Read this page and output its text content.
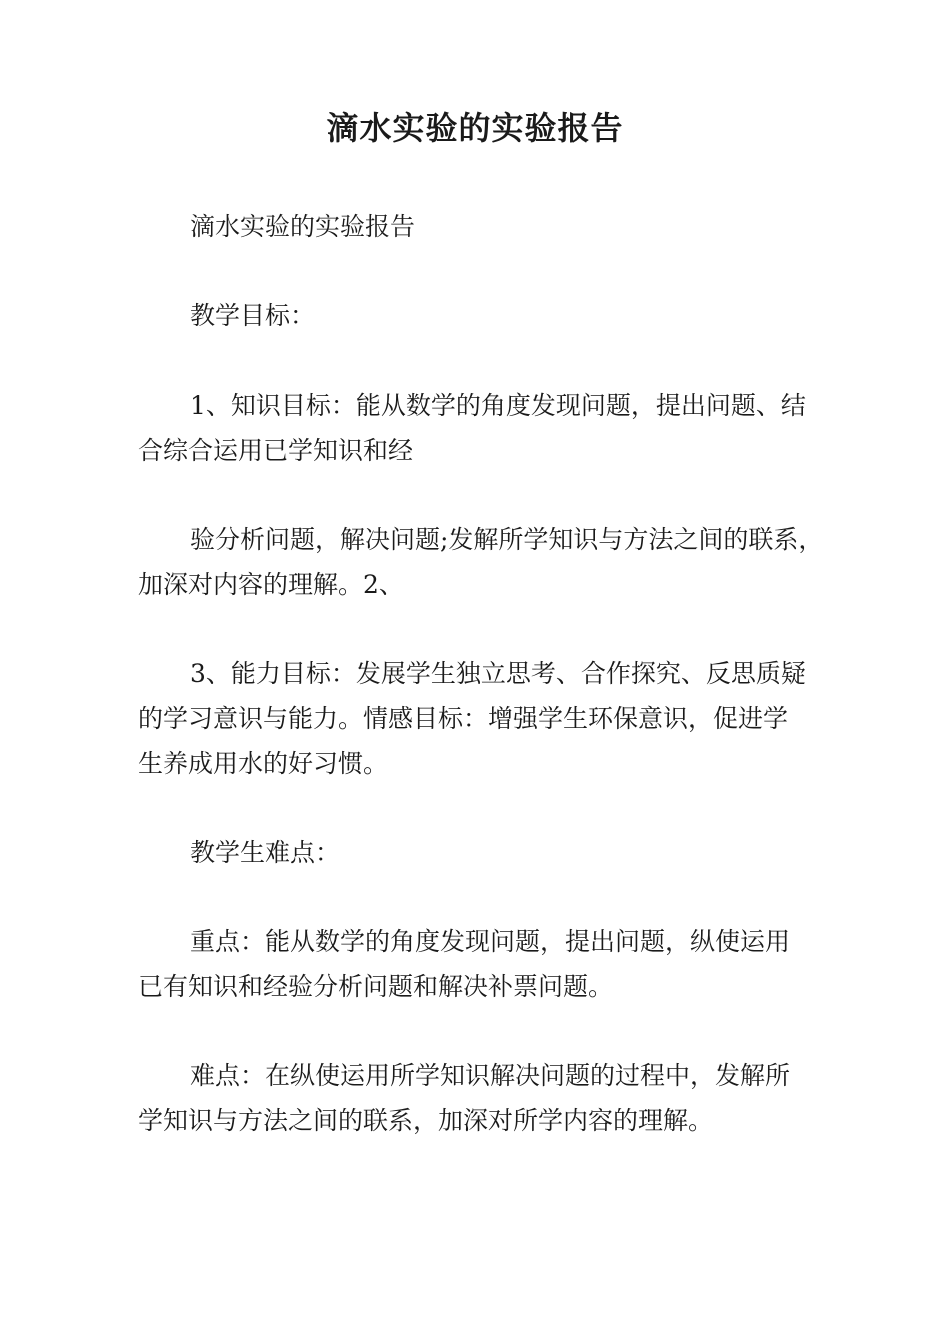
滴水实验的实验报告
滴水实验的实验报告
教学目标：
1、知识目标：能从数学的角度发现问题，提出问题、结
合综合运用已学知识和经
验分析问题，解决问题;发解所学知识与方法之间的联系，
加深对内容的理解。2、
3、能力目标：发展学生独立思考、合作探究、反思质疑
的学习意识与能力。情感目标：增强学生环保意识，促进学
生养成用水的好习惯。
教学生难点：
重点：能从数学的角度发现问题，提出问题，纵使运用
已有知识和经验分析问题和解决补票问题。
难点：在纵使运用所学知识解决问题的过程中，发解所
学知识与方法之间的联系，加深对所学内容的理解。
